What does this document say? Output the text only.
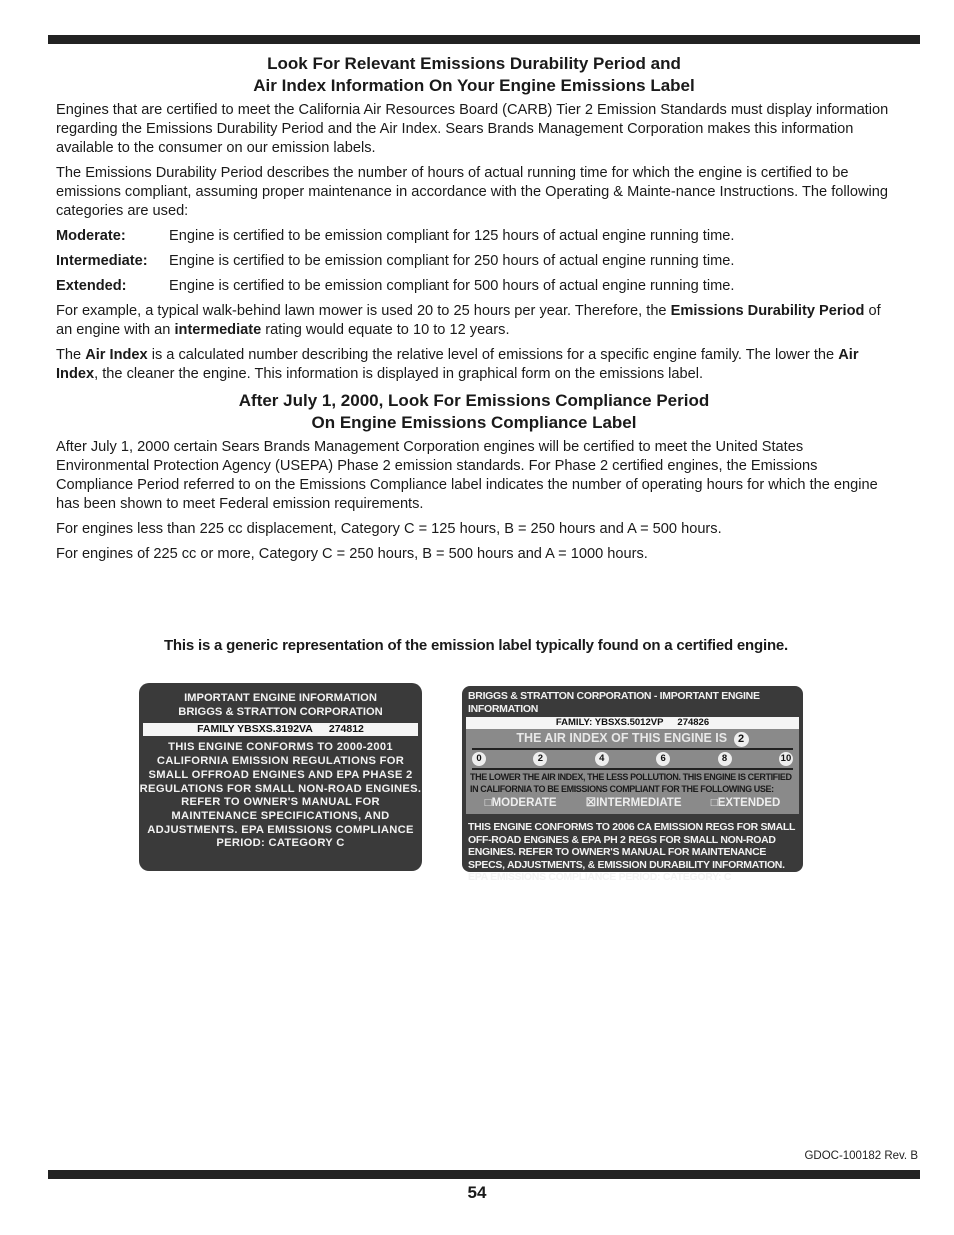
Look For Relevant Emissions Durability Period and
Air Index Information On Your Engine Emissions Label

Engines that are certified to meet the California Air Resources Board (CARB) Tier 2 Emission Standards must display information regarding the Emissions Durability Period and the Air Index. Sears Brands Management Corporation makes this information available to the consumer on our emission labels.

The Emissions Durability Period describes the number of hours of actual running time for which the engine is certified to be emissions compliant, assuming proper maintenance in accordance with the Operating & Mainte-nance Instructions. The following categories are used:

Moderate:	Engine is certified to be emission compliant for 125 hours of actual engine running time.
Intermediate:	Engine is certified to be emission compliant for 250 hours of actual engine running time.
Extended:	Engine is certified to be emission compliant for 500 hours of actual engine running time.

For example, a typical walk-behind lawn mower is used 20 to 25 hours per year. Therefore, the Emissions Durability Period of an engine with an intermediate rating would equate to 10 to 12 years.

The Air Index is a calculated number describing the relative level of emissions for a specific engine family. The lower the Air Index, the cleaner the engine. This information is displayed in graphical form on the emissions label.

After July 1, 2000, Look For Emissions Compliance Period
On Engine Emissions Compliance Label

After July 1, 2000 certain Sears Brands Management Corporation engines will be certified to meet the United States Environmental Protection Agency (USEPA) Phase 2 emission standards. For Phase 2 certified engines, the Emissions Compliance Period referred to on the Emissions Compliance label indicates the number of operating hours for which the engine has been shown to meet Federal emission requirements.

For engines less than 225 cc displacement, Category C = 125 hours, B = 250 hours and A = 500 hours.

For engines of 225 cc or more, Category C = 250 hours, B = 500 hours and A = 1000 hours.

This is a generic representation of the emission label typically found on a certified engine.
IMPORTANT ENGINE INFORMATION
BRIGGS & STRATTON CORPORATION
FAMILY YBSXS.3192VA 274812
THIS ENGINE CONFORMS TO 2000-2001 CALIFORNIA EMISSION REGULATIONS FOR SMALL OFFROAD ENGINES AND EPA PHASE 2 REGULATIONS FOR SMALL NON-ROAD ENGINES. REFER TO OWNER'S MANUAL FOR MAINTENANCE SPECIFICATIONS, AND ADJUSTMENTS. EPA EMISSIONS COMPLIANCE PERIOD: CATEGORY C
BRIGGS & STRATTON CORPORATION - IMPORTANT ENGINE INFORMATION
FAMILY: YBSXS.5012VP 274826
THE AIR INDEX OF THIS ENGINE IS 2
0	2	4	6	8	10
THE LOWER THE AIR INDEX, THE LESS POLLUTION. THIS ENGINE IS CERTIFIED IN CALIFORNIA TO BE EMISSIONS COMPLIANT FOR THE FOLLOWING USE:
□ MODERATE	☒ INTERMEDIATE	□ EXTENDED
THIS ENGINE CONFORMS TO 2006 CA EMISSION REGS FOR SMALL OFF-ROAD ENGINES & EPA PH 2 REGS FOR SMALL NON-ROAD ENGINES. REFER TO OWNER'S MANUAL FOR MAINTENANCE SPECS, ADJUSTMENTS, & EMISSION DURABILITY INFORMATION. EPA EMISSIONS COMPLIANCE PERIOD: CATEGORY: C
GDOC-100182 Rev. B
54
